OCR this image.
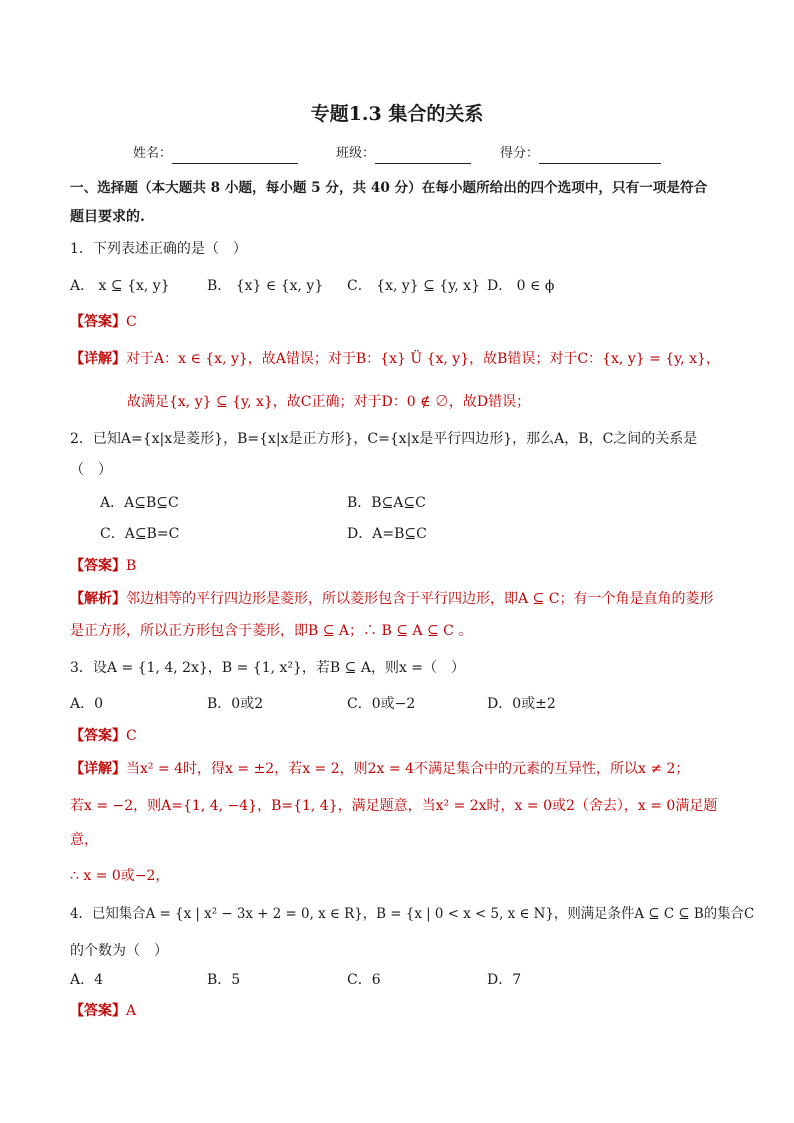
专题1.3 集合的关系
姓名：	班级：	得分：
一、选择题（本大题共 8 小题，每小题 5 分，共 40 分）在每小题所给出的四个选项中，只有一项是符合
题目要求的.
1．下列表述正确的是（　）
A． x ⊆ {x, y}	B． {x} ∈ {x, y} C． {x, y} ⊆ {y, x} D． 0 ∈ ϕ
【答案】C
【详解】对于A：x ∈ {x, y}，故A错误；对于B：{x} Ü {x, y}，故B错误；对于C：{x, y} = {y, x}，
故满足{x, y} ⊆ {y, x}，故C正确；对于D：0 ∉ ∅，故D错误；
2．已知A={x|x是菱形}，B={x|x是正方形}，C={x|x是平行四边形}，那么A，B，C之间的关系是
（　）
A．A⊆B⊆C	B．B⊆A⊆C
C．A⊆B=C	D．A=B⊆C
【答案】B
【解析】邻边相等的平行四边形是菱形，所以菱形包含于平行四边形，即A ⊆ C；有一个角是直角的菱形
是正方形，所以正方形包含于菱形，即B ⊆ A；∴ B ⊆ A ⊆ C 。
3．设A = {1, 4, 2x}，B = {1, x²}，若B ⊆ A，则x =（　）
A．0	B．0或2	C．0或−2	D．0或±2
【答案】C
【详解】当x² = 4时，得x = ±2，若x = 2，则2x = 4不满足集合中的元素的互异性，所以x ≠ 2；
若x = −2，则A={1, 4, −4}，B={1, 4}，满足题意，当x² = 2x时，x = 0或2（舍去），x = 0满足题
意，
∴ x = 0或−2，
4．已知集合A = {x | x² − 3x + 2 = 0, x ∈ R}，B = {x | 0 < x < 5, x ∈ N}，则满足条件A ⊆ C ⊆ B的集合C
的个数为（　）
A．4	B．5	C．6	D．7
【答案】A
